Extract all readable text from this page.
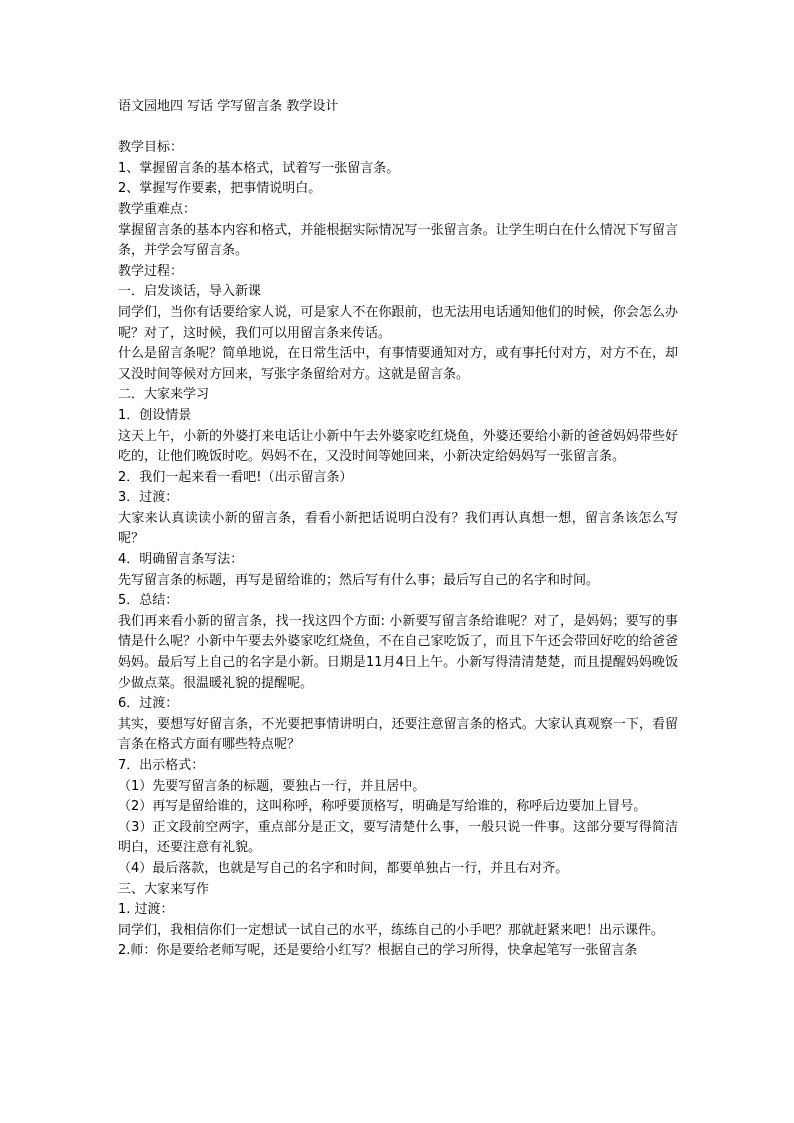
语文园地四 写话 学写留言条 教学设计

教学目标：

1、掌握留言条的基本格式，试着写一张留言条。

2、掌握写作要素，把事情说明白。

教学重难点：

掌握留言条的基本内容和格式，并能根据实际情况写一张留言条。让学生明白在什么情况下写留言条，并学会写留言条。

教学过程：

一．启发谈话，导入新课

同学们，当你有话要给家人说，可是家人不在你跟前，也无法用电话通知他们的时候，你会怎么办呢？对了，这时候，我们可以用留言条来传话。

什么是留言条呢？简单地说，在日常生活中，有事情要通知对方，或有事托付对方，对方不在，却又没时间等候对方回来，写张字条留给对方。这就是留言条。

二．大家来学习

1．创设情景

这天上午，小新的外婆打来电话让小新中午去外婆家吃红烧鱼，外婆还要给小新的爸爸妈妈带些好吃的，让他们晚饭时吃。妈妈不在，又没时间等她回来，小新决定给妈妈写一张留言条。

2．我们一起来看一看吧!（出示留言条）

3．过渡：

大家来认真读读小新的留言条，看看小新把话说明白没有？我们再认真想一想，留言条该怎么写呢？

4．明确留言条写法：

先写留言条的标题，再写是留给谁的；然后写有什么事；最后写自己的名字和时间。

5．总结：

我们再来看小新的留言条，找一找这四个方面: 小新要写留言条给谁呢？对了，是妈妈；要写的事情是什么呢？小新中午要去外婆家吃红烧鱼，不在自己家吃饭了，而且下午还会带回好吃的给爸爸妈妈。最后写上自己的名字是小新。日期是11月4日上午。小新写得清清楚楚，而且提醒妈妈晚饭少做点菜。很温暖礼貌的提醒呢。

6．过渡：

其实，要想写好留言条，不光要把事情讲明白，还要注意留言条的格式。大家认真观察一下，看留言条在格式方面有哪些特点呢？

7．出示格式：

（1）先要写留言条的标题，要独占一行，并且居中。

（2）再写是留给谁的，这叫称呼，称呼要顶格写，明确是写给谁的，称呼后边要加上冒号。

（3）正文段前空两字，重点部分是正文，要写清楚什么事，一般只说一件事。这部分要写得简洁明白，还要注意有礼貌。

（4）最后落款，也就是写自己的名字和时间，都要单独占一行，并且右对齐。

三、大家来写作

1. 过渡：

同学们，我相信你们一定想试一试自己的水平，练练自己的小手吧？那就赶紧来吧！出示课件。

2.师：你是要给老师写呢，还是要给小红写？根据自己的学习所得，快拿起笔写一张留言条
